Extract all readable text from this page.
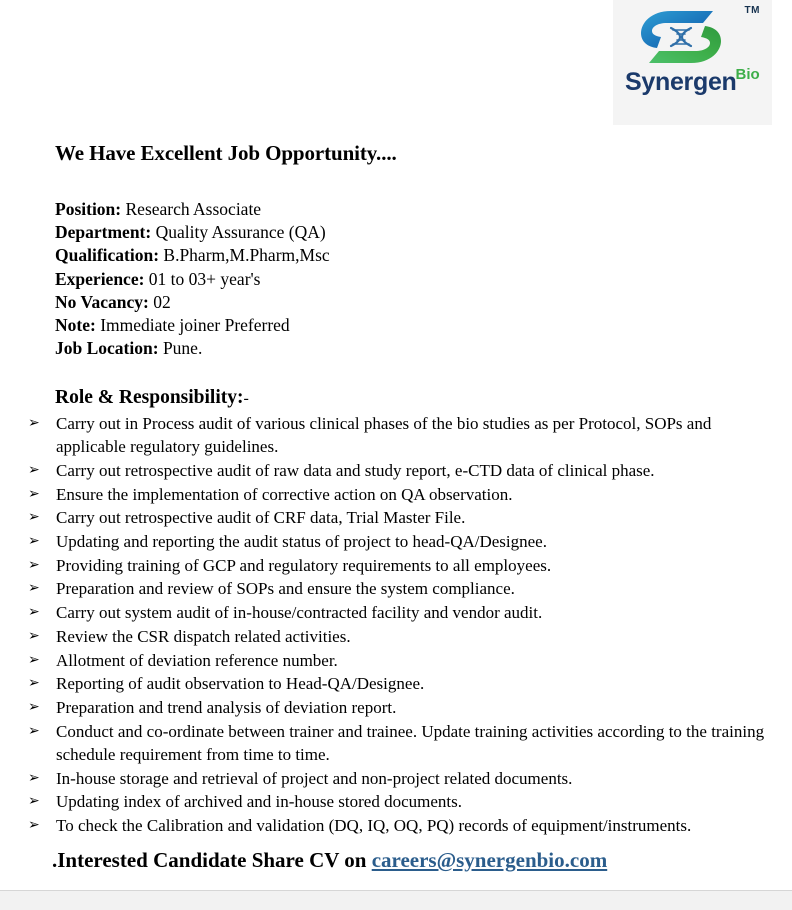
TM
SynergenBio
We Have Excellent Job Opportunity....
Position: Research Associate
Department: Quality Assurance (QA)
Qualification: B.Pharm,M.Pharm,Msc
Experience: 01 to 03+ year's
No Vacancy: 02
Note: Immediate joiner Preferred
Job Location: Pune.
Role & Responsibility:-
➢ Carry out in Process audit of various clinical phases of the bio studies as per Protocol, SOPs and applicable regulatory guidelines.
➢ Carry out retrospective audit of raw data and study report, e-CTD data of clinical phase.
➢ Ensure the implementation of corrective action on QA observation.
➢ Carry out retrospective audit of CRF data, Trial Master File.
➢ Updating and reporting the audit status of project to head-QA/Designee.
➢ Providing training of GCP and regulatory requirements to all employees.
➢ Preparation and review of SOPs and ensure the system compliance.
➢ Carry out system audit of in-house/contracted facility and vendor audit.
➢ Review the CSR dispatch related activities.
➢ Allotment of deviation reference number.
➢ Reporting of audit observation to Head-QA/Designee.
➢ Preparation and trend analysis of deviation report.
➢ Conduct and co-ordinate between trainer and trainee. Update training activities according to the training schedule requirement from time to time.
➢ In-house storage and retrieval of project and non-project related documents.
➢ Updating index of archived and in-house stored documents.
➢ To check the Calibration and validation (DQ, IQ, OQ, PQ) records of equipment/instruments.
.Interested Candidate Share CV on careers@synergenbio.com
